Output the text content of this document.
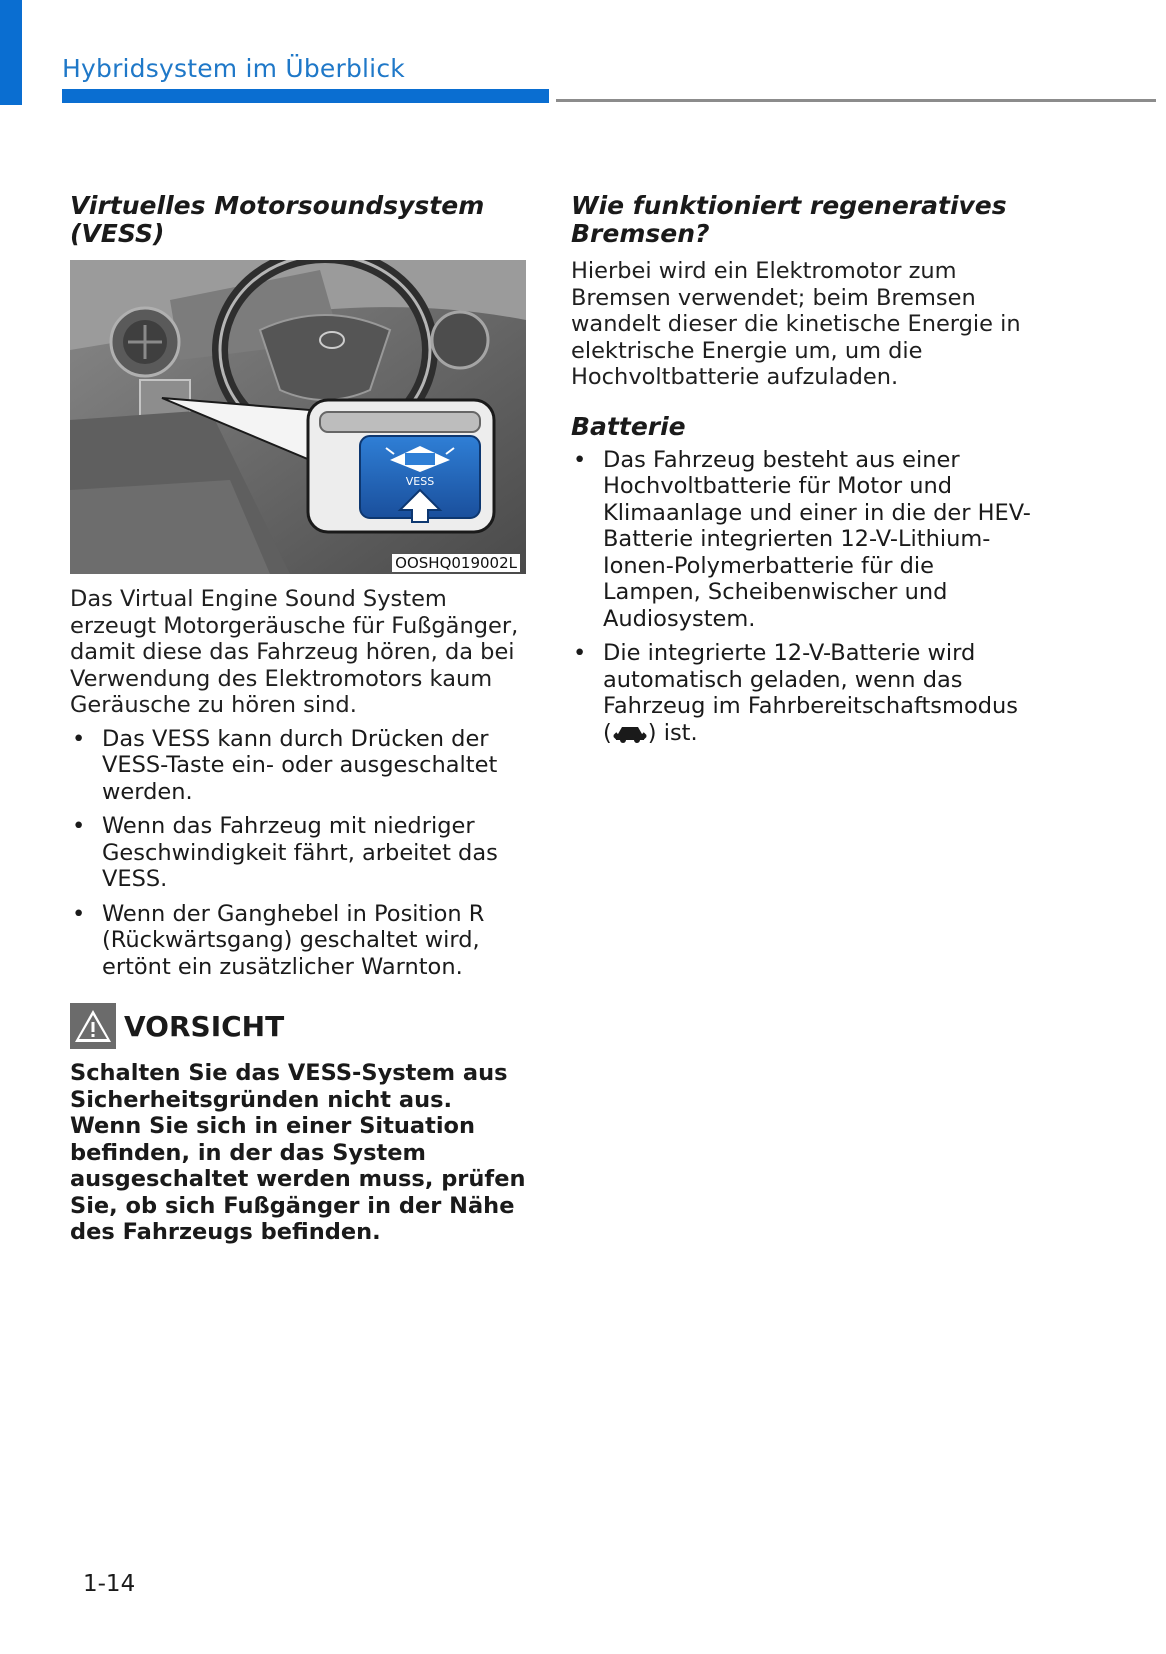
Hybridsystem im Überblick
Virtuelles Motorsoundsystem (VESS)
VESS
OOSHQ019002L

Das Virtual Engine Sound System erzeugt Motorgeräusche für Fußgänger, damit diese das Fahrzeug hören, da bei Verwendung des Elektromotors kaum Geräusche zu hören sind.

• Das VESS kann durch Drücken der VESS-Taste ein- oder ausgeschaltet werden.
• Wenn das Fahrzeug mit niedriger Geschwindigkeit fährt, arbeitet das VESS.
• Wenn der Ganghebel in Position R (Rückwärtsgang) geschaltet wird, ertönt ein zusätzlicher Warnton.
VORSICHT

Schalten Sie das VESS-System aus Sicherheitsgründen nicht aus. Wenn Sie sich in einer Situation befinden, in der das System ausgeschaltet werden muss, prüfen Sie, ob sich Fußgänger in der Nähe des Fahrzeugs befinden.

Wie funktioniert regeneratives Bremsen?

Hierbei wird ein Elektromotor zum Bremsen verwendet; beim Bremsen wandelt dieser die kinetische Energie in elektrische Energie um, um die Hochvoltbatterie aufzuladen.

Batterie
• Das Fahrzeug besteht aus einer Hochvoltbatterie für Motor und Klimaanlage und einer in die der HEV-Batterie integrierten 12-V-Lithium-Ionen-Polymerbatterie für die Lampen, Scheibenwischer und Audiosystem.
• Die integrierte 12-V-Batterie wird automatisch geladen, wenn das Fahrzeug im Fahrbereitschaftsmodus ( ) ist.
1-14
